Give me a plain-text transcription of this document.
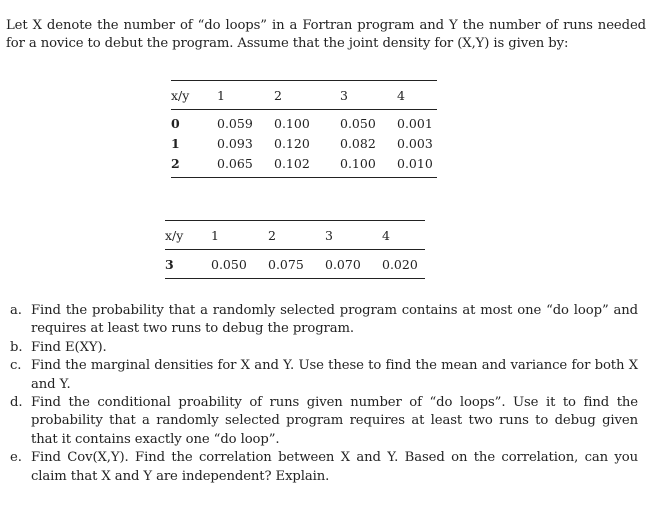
Let X denote the number of “do loops” in a Fortran program and Y the number of runs needed for a novice to debut the program. Assume that the joint density for (X,Y) is given by:

x/y	1	2	3	4
0	0.059	0.100	0.050	0.001
1	0.093	0.120	0.082	0.003
2	0.065	0.102	0.100	0.010
x/y	1	2	3	4
3	0.050	0.075	0.070	0.020
a. Find the probability that a randomly selected program contains at most one “do loop” and requires at least two runs to debug the program.
b. Find E(XY).
c. Find the marginal densities for X and Y. Use these to find the mean and variance for both X and Y.
d. Find the conditional proability of runs given number of “do loops”. Use it to find the probability that a randomly selected program requires at least two runs to debug given that it contains exactly one “do loop”.
e. Find Cov(X,Y). Find the correlation between X and Y. Based on the correlation, can you claim that X and Y are independent? Explain.
